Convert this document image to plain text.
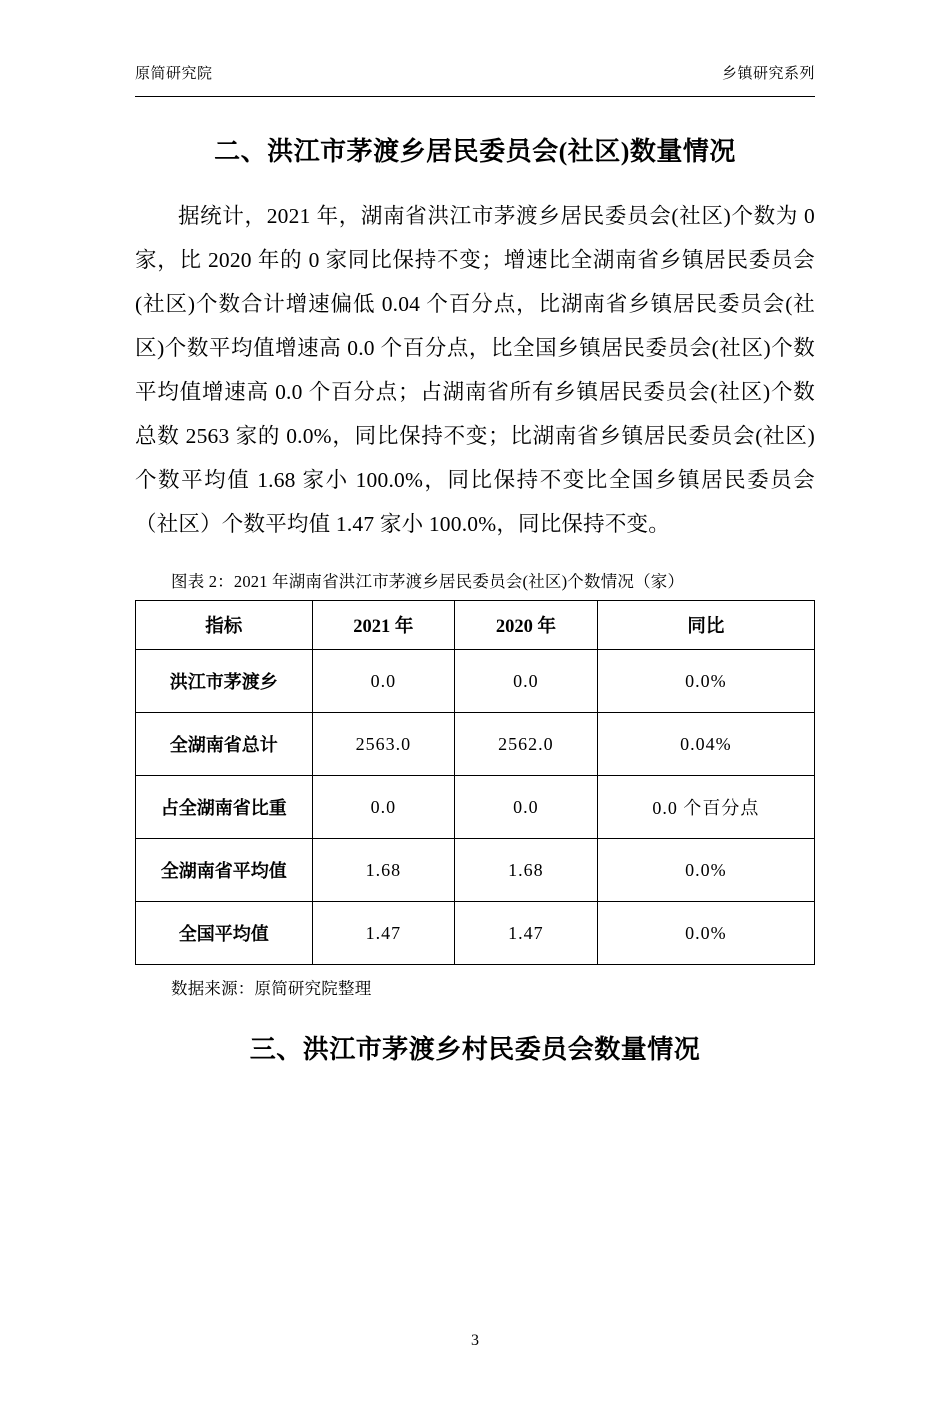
原简研究院	乡镇研究系列
二、洪江市茅渡乡居民委员会(社区)数量情况

据统计，2021 年，湖南省洪江市茅渡乡居民委员会(社区)个数为 0 家，比 2020 年的 0 家同比保持不变；增速比全湖南省乡镇居民委员会(社区)个数合计增速偏低 0.04 个百分点，比湖南省乡镇居民委员会(社区)个数平均值增速高 0.0 个百分点，比全国乡镇居民委员会(社区)个数平均值增速高 0.0 个百分点；占湖南省所有乡镇居民委员会(社区)个数总数 2563 家的 0.0%，同比保持不变；比湖南省乡镇居民委员会(社区)个数平均值 1.68 家小 100.0%，同比保持不变比全国乡镇居民委员会（社区）个数平均值 1.47 家小 100.0%，同比保持不变。

图表 2：2021 年湖南省洪江市茅渡乡居民委员会(社区)个数情况（家）
指标	2021 年	2020 年	同比
洪江市茅渡乡	0.0	0.0	0.0%
全湖南省总计	2563.0	2562.0	0.04%
占全湖南省比重	0.0	0.0	0.0 个百分点
全湖南省平均值	1.68	1.68	0.0%
全国平均值	1.47	1.47	0.0%
数据来源：原简研究院整理
三、洪江市茅渡乡村民委员会数量情况
3
